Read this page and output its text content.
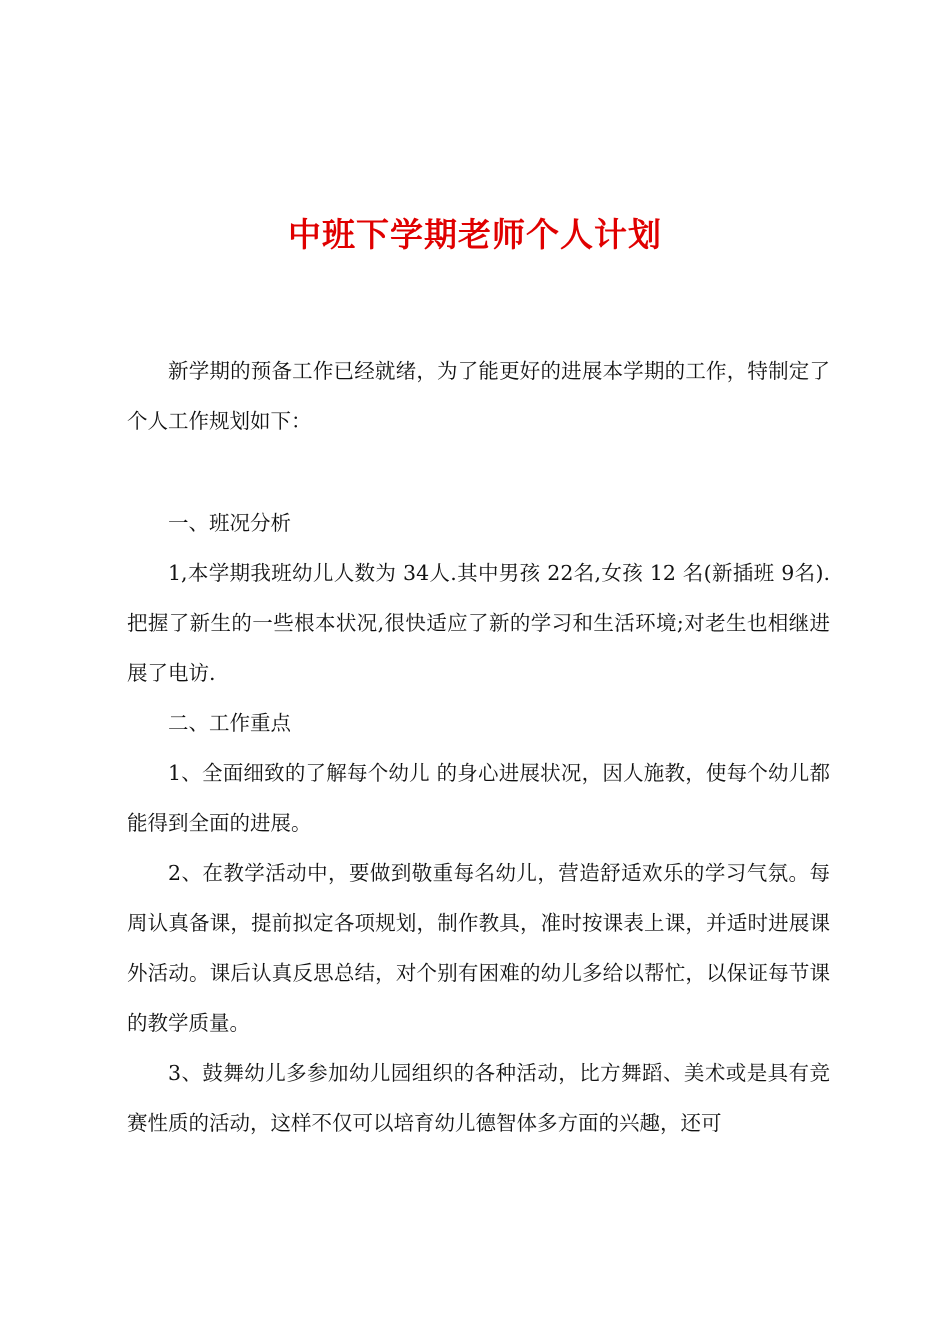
中班下学期老师个人计划

新学期的预备工作已经就绪，为了能更好的进展本学期的工作，特制定了个人工作规划如下：

一、班况分析

1,本学期我班幼儿人数为 34人.其中男孩 22名,女孩 12 名(新插班 9名).把握了新生的一些根本状况,很快适应了新的学习和生活环境;对老生也相继进展了电访.

二、工作重点

1、全面细致的了解每个幼儿 的身心进展状况，因人施教，使每个幼儿都能得到全面的进展。

2、在教学活动中，要做到敬重每名幼儿，营造舒适欢乐的学习气氛。每周认真备课，提前拟定各项规划，制作教具，准时按课表上课，并适时进展课外活动。课后认真反思总结，对个别有困难的幼儿多给以帮忙，以保证每节课的教学质量。

3、鼓舞幼儿多参加幼儿园组织的各种活动，比方舞蹈、美术或是具有竞赛性质的活动，这样不仅可以培育幼儿德智体多方面的兴趣，还可
